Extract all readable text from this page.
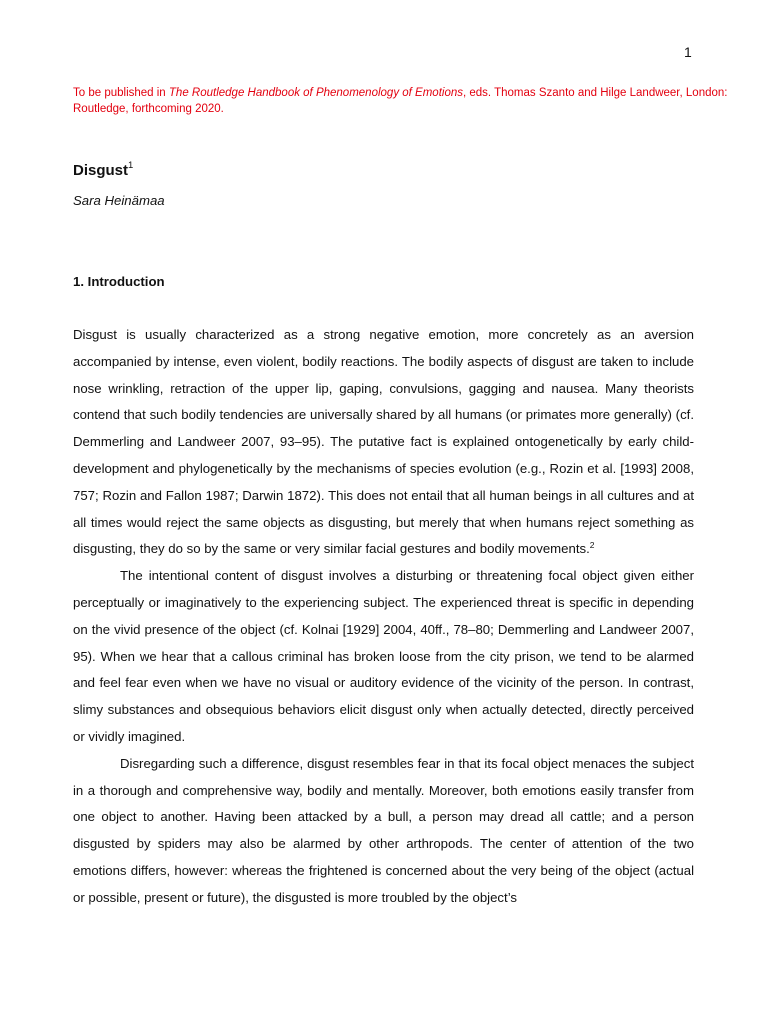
1
To be published in The Routledge Handbook of Phenomenology of Emotions, eds. Thomas Szanto and Hilge Landweer, London: Routledge, forthcoming 2020.
Disgust$^1$
Sara Heinämaa
1. Introduction

Disgust is usually characterized as a strong negative emotion, more concretely as an aversion accompanied by intense, even violent, bodily reactions. The bodily aspects of disgust are taken to include nose wrinkling, retraction of the upper lip, gaping, convulsions, gagging and nausea. Many theorists contend that such bodily tendencies are universally shared by all humans (or primates more generally) (cf. Demmerling and Landweer 2007, 93–95). The putative fact is explained ontogenetically by early child-development and phylogenetically by the mechanisms of species evolution (e.g., Rozin et al. [1993] 2008, 757; Rozin and Fallon 1987; Darwin 1872). This does not entail that all human beings in all cultures and at all times would reject the same objects as disgusting, but merely that when humans reject something as disgusting, they do so by the same or very similar facial gestures and bodily movements.$^2$

The intentional content of disgust involves a disturbing or threatening focal object given either perceptually or imaginatively to the experiencing subject. The experienced threat is specific in depending on the vivid presence of the object (cf. Kolnai [1929] 2004, 40ff., 78–80; Demmerling and Landweer 2007, 95). When we hear that a callous criminal has broken loose from the city prison, we tend to be alarmed and feel fear even when we have no visual or auditory evidence of the vicinity of the person. In contrast, slimy substances and obsequious behaviors elicit disgust only when actually detected, directly perceived or vividly imagined.

Disregarding such a difference, disgust resembles fear in that its focal object menaces the subject in a thorough and comprehensive way, bodily and mentally. Moreover, both emotions easily transfer from one object to another. Having been attacked by a bull, a person may dread all cattle; and a person disgusted by spiders may also be alarmed by other arthropods. The center of attention of the two emotions differs, however: whereas the frightened is concerned about the very being of the object (actual or possible, present or future), the disgusted is more troubled by the object’s
